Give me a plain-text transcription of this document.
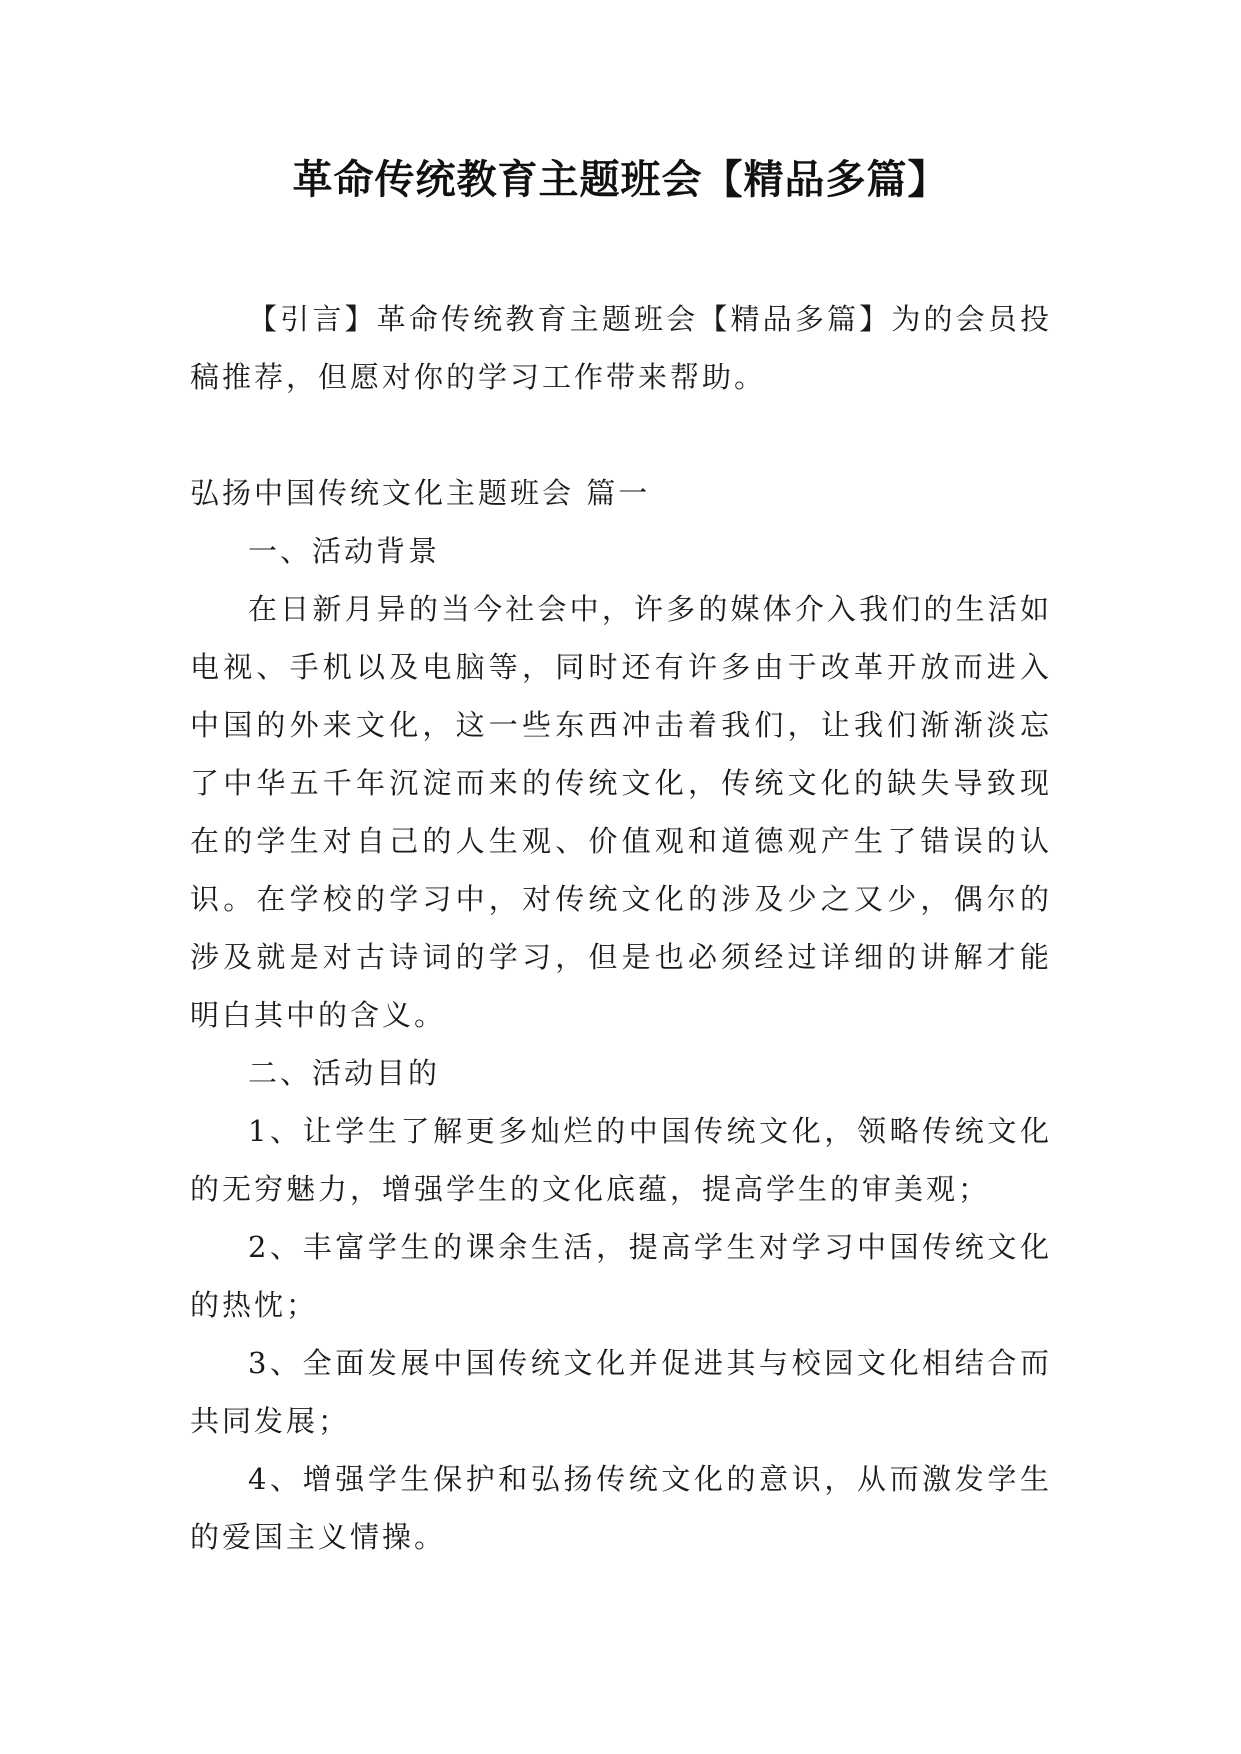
革命传统教育主题班会【精品多篇】

【引言】革命传统教育主题班会【精品多篇】为的会员投稿推荐，但愿对你的学习工作带来帮助。

弘扬中国传统文化主题班会 篇一

一、活动背景

在日新月异的当今社会中，许多的媒体介入我们的生活如电视、手机以及电脑等，同时还有许多由于改革开放而进入中国的外来文化，这一些东西冲击着我们，让我们渐渐淡忘了中华五千年沉淀而来的传统文化，传统文化的缺失导致现在的学生对自己的人生观、价值观和道德观产生了错误的认识。在学校的学习中，对传统文化的涉及少之又少，偶尔的涉及就是对古诗词的学习，但是也必须经过详细的讲解才能明白其中的含义。

二、活动目的

1、让学生了解更多灿烂的中国传统文化，领略传统文化的无穷魅力，增强学生的文化底蕴，提高学生的审美观；

2、丰富学生的课余生活，提高学生对学习中国传统文化的热忱；

3、全面发展中国传统文化并促进其与校园文化相结合而共同发展；

4、增强学生保护和弘扬传统文化的意识，从而激发学生的爱国主义情操。
